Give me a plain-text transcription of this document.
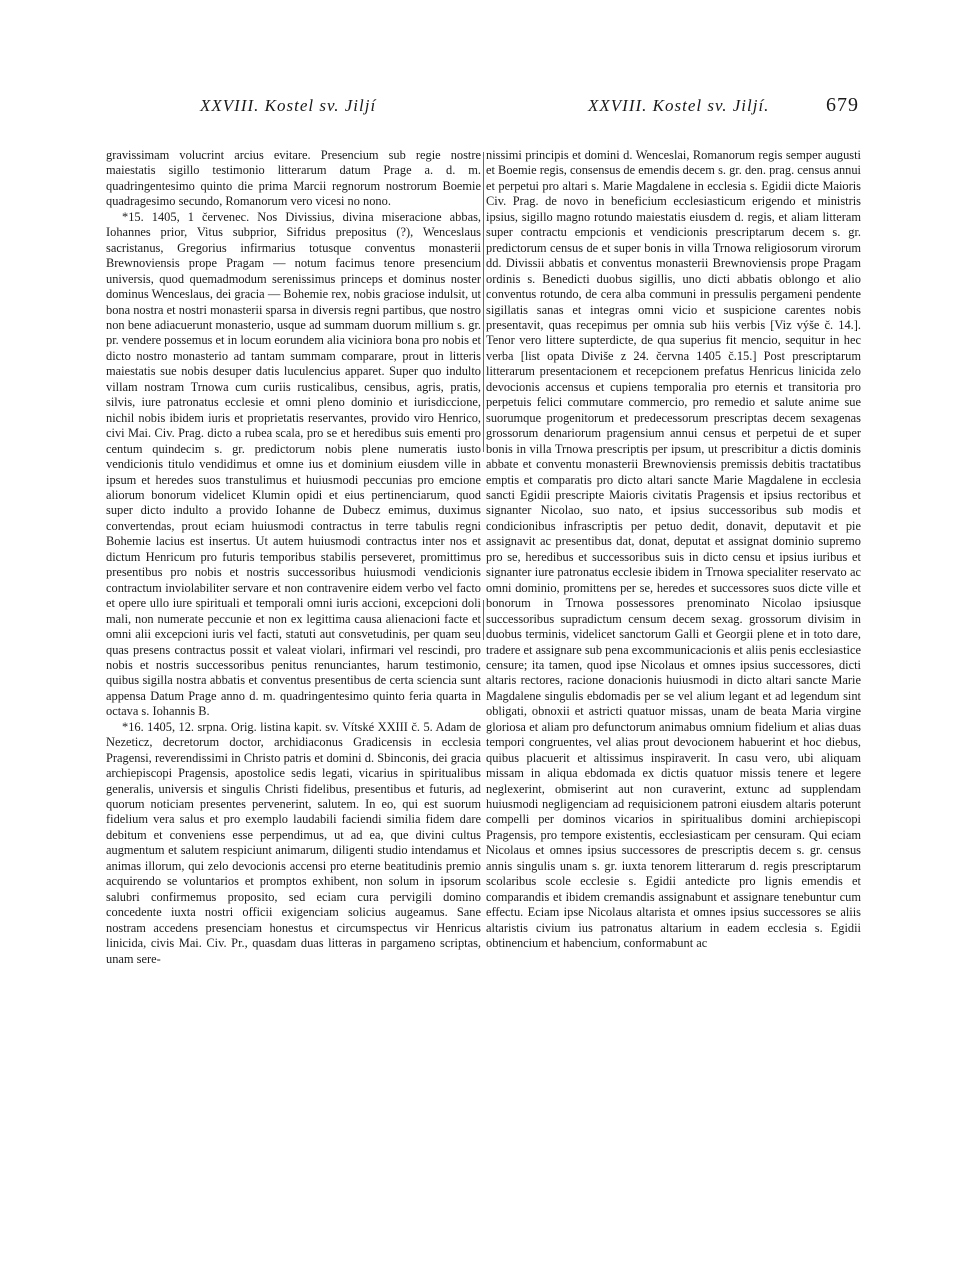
XXVIII. Kostel sv. Jiljí	XXVIII. Kostel sv. Jiljí.	679

gravissimam volucrint arcius evitare. Presencium sub regie nostre maiestatis sigillo testimonio litterarum datum Prage a. d. m. quadringentesimo quinto die prima Marcii regnorum nostrorum Boemie quadragesimo secundo, Romanorum vero vicesi no nono.

*15. 1405, 1 červenec. Nos Divissius, divina miseracione abbas, Iohannes prior, Vitus subprior, Sifridus prepositus (?), Wenceslaus sacristanus, Gregorius infirmarius totusque conventus monasterii Brewnoviensis prope Pragam — notum facimus tenore presencium universis, quod quemadmodum serenissimus princeps et dominus noster dominus Wenceslaus, dei gracia — Bohemie rex, nobis graciose indulsit, ut bona nostra et nostri monasterii sparsa in diversis regni partibus, que nostro non bene adiacuerunt monasterio, usque ad summam duorum millium s. gr. pr. vendere possemus et in locum eorundem alia viciniora bona pro nobis et dicto nostro monasterio ad tantam summam comparare, prout in litteris maiestatis sue nobis desuper datis luculencius apparet. Super quo indulto villam nostram Trnowa cum curiis rusticalibus, censibus, agris, pratis, silvis, iure patronatus ecclesie et omni pleno dominio et iurisdiccione, nichil nobis ibidem iuris et proprietatis reservantes, provido viro Henrico, civi Mai. Civ. Prag. dicto a rubea scala, pro se et heredibus suis ementi pro centum quindecim s. gr. predictorum nobis plene numeratis iusto vendicionis titulo vendidimus et omne ius et dominium eiusdem ville in ipsum et heredes suos transtulimus et huiusmodi peccunias pro emcione aliorum bonorum videlicet Klumin opidi et eius pertinenciarum, quod super dicto indulto a provido Iohanne de Dubecz emimus, duximus convertendas, prout eciam huiusmodi contractus in terre tabulis regni Bohemie lacius est insertus. Ut autem huiusmodi contractus inter nos et dictum Henricum pro futuris temporibus stabilis perseveret, promittimus presentibus pro nobis et nostris successoribus huiusmodi vendicionis contractum inviolabiliter servare et non contravenire eidem verbo vel facto et opere ullo iure spirituali et temporali omni iuris accioni, excepcioni doli mali, non numerate peccunie et non ex legittima causa alienacioni facte et omni alii excepcioni iuris vel facti, statuti aut consvetudinis, per quam seu quas presens contractus possit et valeat violari, infirmari vel rescindi, pro nobis et nostris successoribus penitus renunciantes, harum testimonio, quibus sigilla nostra abbatis et conventus presentibus de certa sciencia sunt appensa Datum Prage anno d. m. quadringentesimo quinto feria quarta in octava s. Iohannis B.

*16. 1405, 12. srpna. Orig. listina kapit. sv. Vítské XXIII č. 5. Adam de Nezeticz, decretorum doctor, archidiaconus Gradicensis in ecclesia Pragensi, reverendissimi in Christo patris et domini d. Sbinconis, dei gracia archiepiscopi Pragensis, apostolice sedis legati, vicarius in spiritualibus generalis, universis et singulis Christi fidelibus, presentibus et futuris, ad quorum noticiam presentes pervenerint, salutem. In eo, qui est suorum fidelium vera salus et pro exemplo laudabili faciendi similia fidem dare debitum et conveniens esse perpendimus, ut ad ea, que divini cultus augmentum et salutem respiciunt animarum, diligenti studio intendamus et animas illorum, qui zelo devocionis accensi pro eterne beatitudinis premio acquirendo se voluntarios et promptos exhibent, non solum in ipsorum salubri confirmemus proposito, sed eciam cura pervigili domino concedente iuxta nostri officii exigenciam solicius augeamus. Sane nostram accedens presenciam honestus et circumspectus vir Henricus linicida, civis Mai. Civ. Pr., quasdam duas litteras in pargameno scriptas, unam sere-

nissimi principis et domini d. Wenceslai, Romanorum regis semper augusti et Boemie regis, consensus de emendis decem s. gr. den. prag. census annui et perpetui pro altari s. Marie Magdalene in ecclesia s. Egidii dicte Maioris Civ. Prag. de novo in beneficium ecclesiasticum erigendo et ministris ipsius, sigillo magno rotundo maiestatis eiusdem d. regis, et aliam litteram super contractu empcionis et vendicionis prescriptarum decem s. gr. predictorum census de et super bonis in villa Trnowa religiosorum virorum dd. Divissii abbatis et conventus monasterii Brewnoviensis prope Pragam ordinis s. Benedicti duobus sigillis, uno dicti abbatis oblongo et alio conventus rotundo, de cera alba communi in pressulis pergameni pendente sigillatis sanas et integras omni vicio et suspicione carentes nobis presentavit, quas recepimus per omnia sub hiis verbis [Viz výše č. 14.]. Tenor vero littere supterdicte, de qua superius fit mencio, sequitur in hec verba [list opata Diviše z 24. června 1405 č.15.] Post prescriptarum litterarum presentacionem et recepcionem prefatus Henricus linicida zelo devocionis accensus et cupiens temporalia pro eternis et transitoria pro perpetuis felici commutare commercio, pro remedio et salute anime sue suorumque progenitorum et predecessorum prescriptas decem sexagenas grossorum denariorum pragensium annui census et perpetui de et super bonis in villa Trnowa prescriptis per ipsum, ut prescribitur a dictis dominis abbate et conventu monasterii Brewnoviensis premissis debitis tractatibus emptis et comparatis pro dicto altari sancte Marie Magdalene in ecclesia sancti Egidii prescripte Maioris civitatis Pragensis et ipsius rectoribus et signanter Nicolao, suo nato, et ipsius successoribus sub modis et condicionibus infrascriptis per petuo dedit, donavit, deputavit et pie assignavit ac presentibus dat, donat, deputat et assignat dominio supremo pro se, heredibus et successoribus suis in dicto censu et ipsius iuribus et signanter iure patronatus ecclesie ibidem in Trnowa specialiter reservato ac omni dominio, promittens per se, heredes et successores suos dicte ville et bonorum in Trnowa possessores prenominato Nicolao ipsiusque successoribus supradictum censum decem sexag. grossorum divisim in duobus terminis, videlicet sanctorum Galli et Georgii plene et in toto dare, tradere et assignare sub pena excommunicacionis et aliis penis ecclesiastice censure; ita tamen, quod ipse Nicolaus et omnes ipsius successores, dicti altaris rectores, racione donacionis huiusmodi in dicto altari sancte Marie Magdalene singulis ebdomadis per se vel alium legant et ad legendum sint obligati, obnoxii et astricti quatuor missas, unam de beata Maria virgine gloriosa et aliam pro defunctorum animabus omnium fidelium et alias duas tempori congruentes, vel alias prout devocionem habuerint et hoc diebus, quibus placuerit et altissimus inspiraverit. In casu vero, ubi aliquam missam in aliqua ebdomada ex dictis quatuor missis tenere et legere neglexerint, obmiserint aut non curaverint, extunc ad supplendam huiusmodi negligenciam ad requisicionem patroni eiusdem altaris poterunt compelli per dominos vicarios in spiritualibus domini archiepiscopi Pragensis, pro tempore existentis, ecclesiasticam per censuram. Qui eciam Nicolaus et omnes ipsius successores de prescriptis decem s. gr. census annis singulis unam s. gr. iuxta tenorem litterarum d. regis prescriptarum scolaribus scole ecclesie s. Egidii antedicte pro lignis emendis et comparandis et ibidem cremandis assignabunt et assignare tenebuntur cum effectu. Eciam ipse Nicolaus altarista et omnes ipsius successores se aliis altaristis civium ius patronatus altarium in eadem ecclesia s. Egidii obtinencium et habencium, conformabunt ac
